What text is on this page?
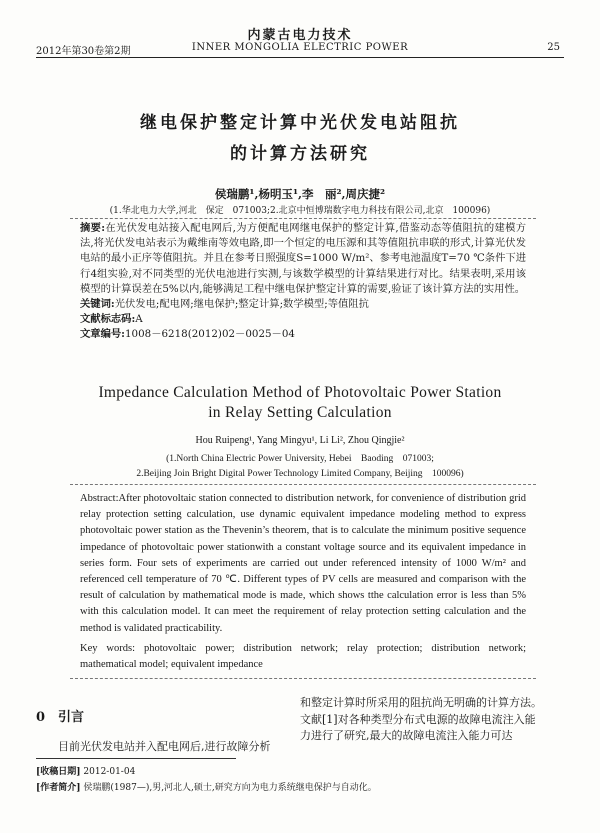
内蒙古电力技术
2012年第30卷第2期	INNER MONGOLIA ELECTRIC POWER	25
继电保护整定计算中光伏发电站阻抗
的计算方法研究
侯瑞鹏¹,杨明玉¹,李　丽²,周庆捷²
(1.华北电力大学,河北　保定　071003;2.北京中恒博瑞数字电力科技有限公司,北京　100096)
摘要:在光伏发电站接入配电网后,为方便配电网继电保护的整定计算,借鉴动态等值阻抗的建模方法,将光伏发电站表示为戴维南等效电路,即一个恒定的电压源和其等值阻抗串联的形式,计算光伏发电站的最小正序等值阻抗。并且在参考日照强度S=1000 W/m²、参考电池温度T=70 ℃条件下进行4组实验,对不同类型的光伏电池进行实测,与该数学模型的计算结果进行对比。结果表明,采用该模型的计算误差在5%以内,能够满足工程中继电保护整定计算的需要,验证了该计算方法的实用性。
关键词:光伏发电;配电网;继电保护;整定计算;数学模型;等值阻抗
文献标志码:A
文章编号:1008－6218(2012)02－0025－04
Impedance Calculation Method of Photovoltaic Power Station
in Relay Setting Calculation
Hou Ruipeng¹, Yang Mingyu¹, Li Li², Zhou Qingjie²
(1.North China Electric Power University, Hebei　Baoding　071003;
2.Beijing Join Bright Digital Power Technology Limited Company, Beijing　100096)
Abstract:After photovoltaic station connected to distribution network, for convenience of distribution grid relay protection setting calculation, use dynamic equivalent impedance modeling method to express photovoltaic power station as the Thevenin’s theorem, that is to calculate the minimum positive sequence impedance of photovoltaic power stationwith a constant voltage source and its equivalent impedance in series form. Four sets of experiments are carried out under referenced intensity of 1000 W/m² and referenced cell temperature of 70 ℃. Different types of PV cells are measured and comparison with the result of calculation by mathematical mode is made, which shows tthe calculation error is less than 5% with this calculation model. It can meet the requirement of relay protection setting calculation and the method is validated practicability.
Key words: photovoltaic power; distribution network; relay protection; distribution network; mathematical model; equivalent impedance
0　引言
目前光伏发电站并入配电网后,进行故障分析
和整定计算时所采用的阻抗尚无明确的计算方法。
文献[1]对各种类型分布式电源的故障电流注入能
力进行了研究,最大的故障电流注入能力可达
[收稿日期] 2012-01-04
[作者简介] 侯瑞鹏(1987—),男,河北人,硕士,研究方向为电力系统继电保护与自动化。
